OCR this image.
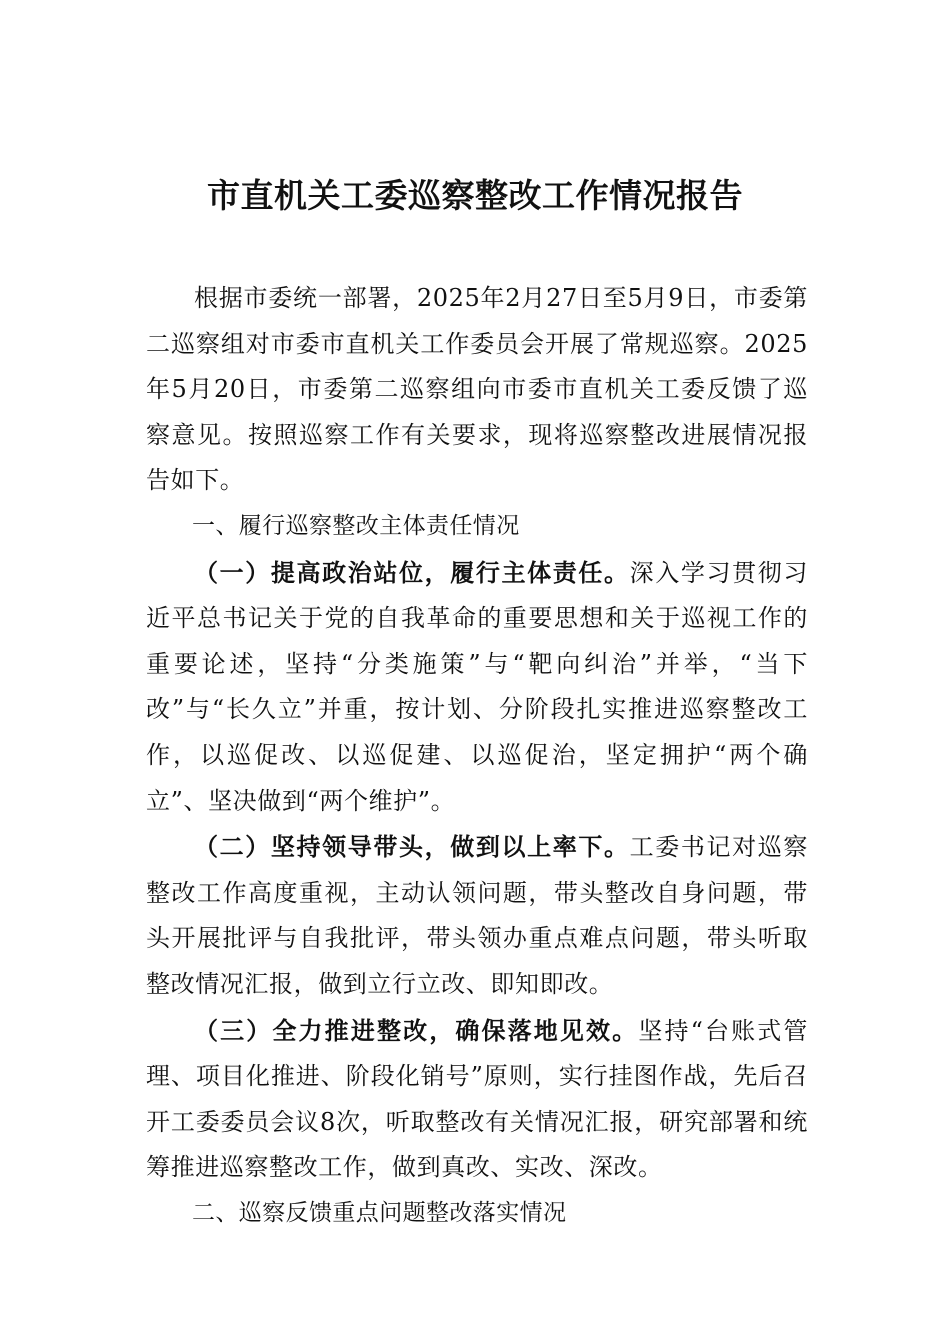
市直机关工委巡察整改工作情况报告

根据市委统一部署，2025年2月27日至5月9日，市委第二巡察组对市委市直机关工作委员会开展了常规巡察。2025年5月20日，市委第二巡察组向市委市直机关工委反馈了巡察意见。按照巡察工作有关要求，现将巡察整改进展情况报告如下。

一、履行巡察整改主体责任情况

（一）提高政治站位，履行主体责任。深入学习贯彻习近平总书记关于党的自我革命的重要思想和关于巡视工作的重要论述，坚持“分类施策”与“靶向纠治”并举，“当下改”与“长久立”并重，按计划、分阶段扎实推进巡察整改工作，以巡促改、以巡促建、以巡促治，坚定拥护“两个确立”、坚决做到“两个维护”。

（二）坚持领导带头，做到以上率下。工委书记对巡察整改工作高度重视，主动认领问题，带头整改自身问题，带头开展批评与自我批评，带头领办重点难点问题，带头听取整改情况汇报，做到立行立改、即知即改。

（三）全力推进整改，确保落地见效。坚持“台账式管理、项目化推进、阶段化销号”原则，实行挂图作战，先后召开工委委员会议8次，听取整改有关情况汇报，研究部署和统筹推进巡察整改工作，做到真改、实改、深改。

二、巡察反馈重点问题整改落实情况
